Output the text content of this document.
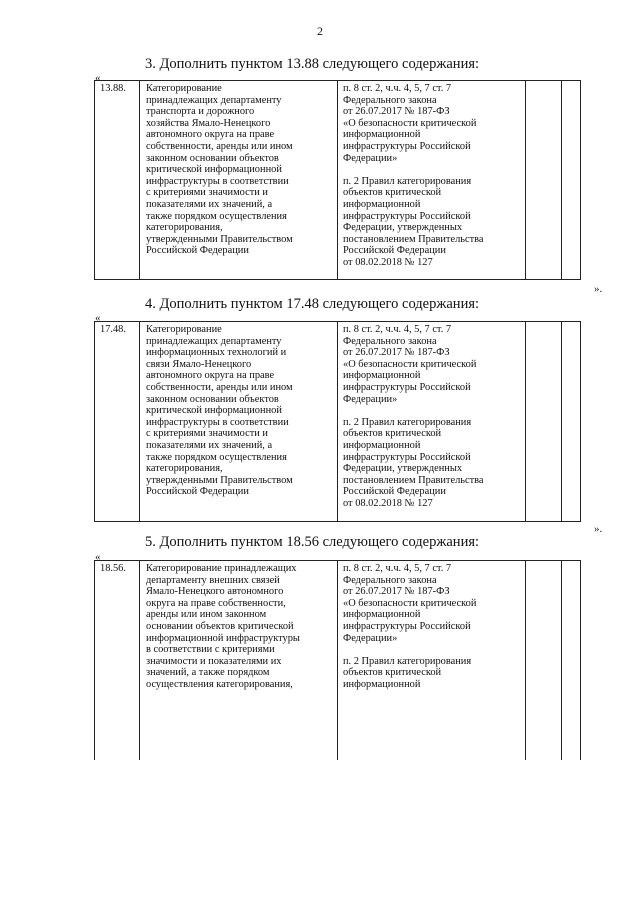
2
3. Дополнить пунктом 13.88 следующего содержания:
«
13.88. Категорирование
принадлежащих департаменту
транспорта и дорожного
хозяйства Ямало-Ненецкого
автономного округа на праве
собственности, аренды или ином
законном основании объектов
критической информационной
инфраструктуры в соответствии
с критериями значимости и
показателями их значений, а
также порядком осуществления
категорирования,
утвержденными Правительством
Российской Федерации
п. 8 ст. 2, ч.ч. 4, 5, 7 ст. 7
Федерального закона
от 26.07.2017 № 187-ФЗ
«О безопасности критической
информационной
инфраструктуры Российской
Федерации»

п. 2 Правил категорирования
объектов критической
информационной
инфраструктуры Российской
Федерации, утвержденных
постановлением Правительства
Российской Федерации
от 08.02.2018 № 127
».
4. Дополнить пунктом 17.48 следующего содержания:
«
17.48. Категорирование
принадлежащих департаменту
информационных технологий и
связи Ямало-Ненецкого
автономного округа на праве
собственности, аренды или ином
законном основании объектов
критической информационной
инфраструктуры в соответствии
с критериями значимости и
показателями их значений, а
также порядком осуществления
категорирования,
утвержденными Правительством
Российской Федерации
п. 8 ст. 2, ч.ч. 4, 5, 7 ст. 7
Федерального закона
от 26.07.2017 № 187-ФЗ
«О безопасности критической
информационной
инфраструктуры Российской
Федерации»

п. 2 Правил категорирования
объектов критической
информационной
инфраструктуры Российской
Федерации, утвержденных
постановлением Правительства
Российской Федерации
от 08.02.2018 № 127
».
5. Дополнить пунктом 18.56 следующего содержания:
«
18.56. Категорирование принадлежащих
департаменту внешних связей
Ямало-Ненецкого автономного
округа на праве собственности,
аренды или ином законном
основании объектов критической
информационной инфраструктуры
в соответствии с критериями
значимости и показателями их
значений, а также порядком
осуществления категорирования,
п. 8 ст. 2, ч.ч. 4, 5, 7 ст. 7
Федерального закона
от 26.07.2017 № 187-ФЗ
«О безопасности критической
информационной
инфраструктуры Российской
Федерации»

п. 2 Правил категорирования
объектов критической
информационной
